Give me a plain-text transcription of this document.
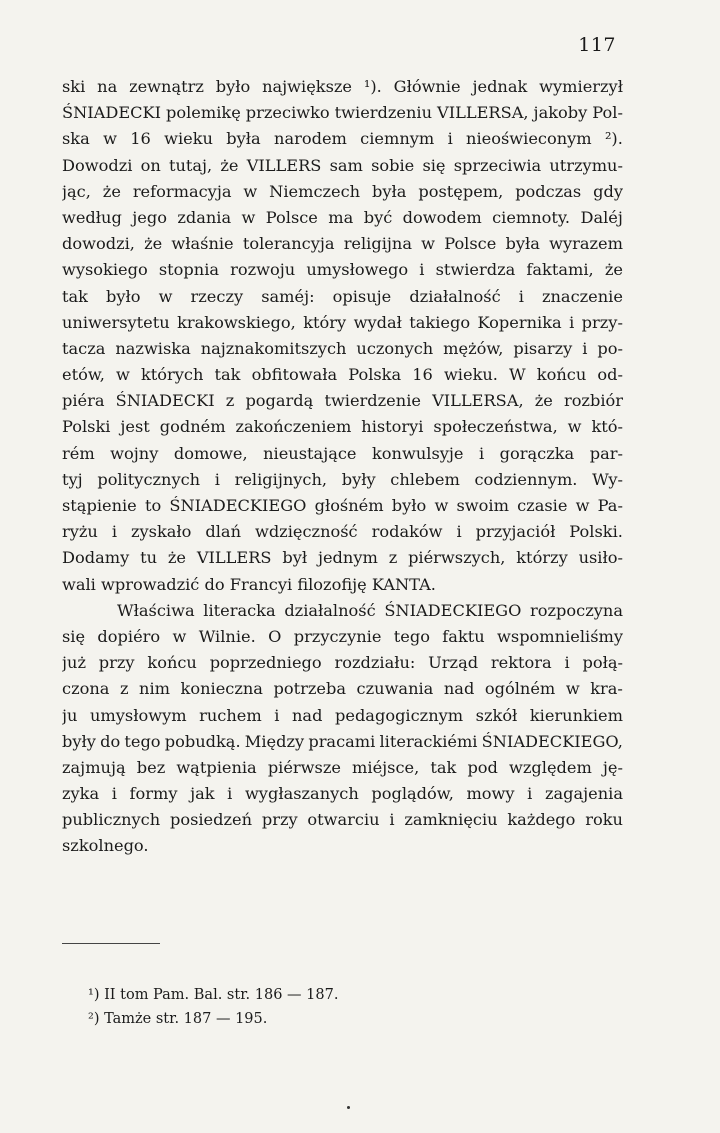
117
ski na zewnątrz było największe ¹). Głównie jednak wymierzył
ŚNIADECKI polemikę przeciwko twierdzeniu VILLERSA, jakoby Pol-
ska w 16 wieku była narodem ciemnym i nieoświeconym ²).
Dowodzi on tutaj, że VILLERS sam sobie się sprzeciwia utrzymu-
jąc, że reformacyja w Niemczech była postępem, podczas gdy
według jego zdania w Polsce ma być dowodem ciemnoty. Daléj
dowodzi, że właśnie tolerancyja religijna w Polsce była wyrazem
wysokiego stopnia rozwoju umysłowego i stwierdza faktami, że
tak było w rzeczy saméj: opisuje działalność i znaczenie
uniwersytetu krakowskiego, który wydał takiego Kopernika i przy-
tacza nazwiska najznakomitszych uczonych mężów, pisarzy i po-
etów, w których tak obfitowała Polska 16 wieku. W końcu od-
piéra ŚNIADECKI z pogardą twierdzenie VILLERSA, że rozbiór
Polski jest godném zakończeniem historyi społeczeństwa, w któ-
rém wojny domowe, nieustające konwulsyje i gorączka par-
tyj politycznych i religijnych, były chlebem codziennym. Wy-
stąpienie to ŚNIADECKIEGO głośném było w swoim czasie w Pa-
ryżu i zyskało dlań wdzięczność rodaków i przyjaciół Polski.
Dodamy tu że VILLERS był jednym z piérwszych, którzy usiło-
wali wprowadzić do Francyi filozofiję KANTA.
Właściwa literacka działalność ŚNIADECKIEGO rozpoczyna
się dopiéro w Wilnie. O przyczynie tego faktu wspomnieliśmy
już przy końcu poprzedniego rozdziału: Urząd rektora i połą-
czona z nim konieczna potrzeba czuwania nad ogólném w kra-
ju umysłowym ruchem i nad pedagogicznym szkół kierunkiem
były do tego pobudką. Między pracami literackiémi ŚNIADECKIEGO,
zajmują bez wątpienia piérwsze miéjsce, tak pod względem ję-
zyka i formy jak i wygłaszanych poglądów, mowy i zagajenia
publicznych posiedzeń przy otwarciu i zamknięciu każdego roku
szkolnego.
¹) II tom Pam. Bal. str. 186 — 187.
²) Tamże str. 187 — 195.
